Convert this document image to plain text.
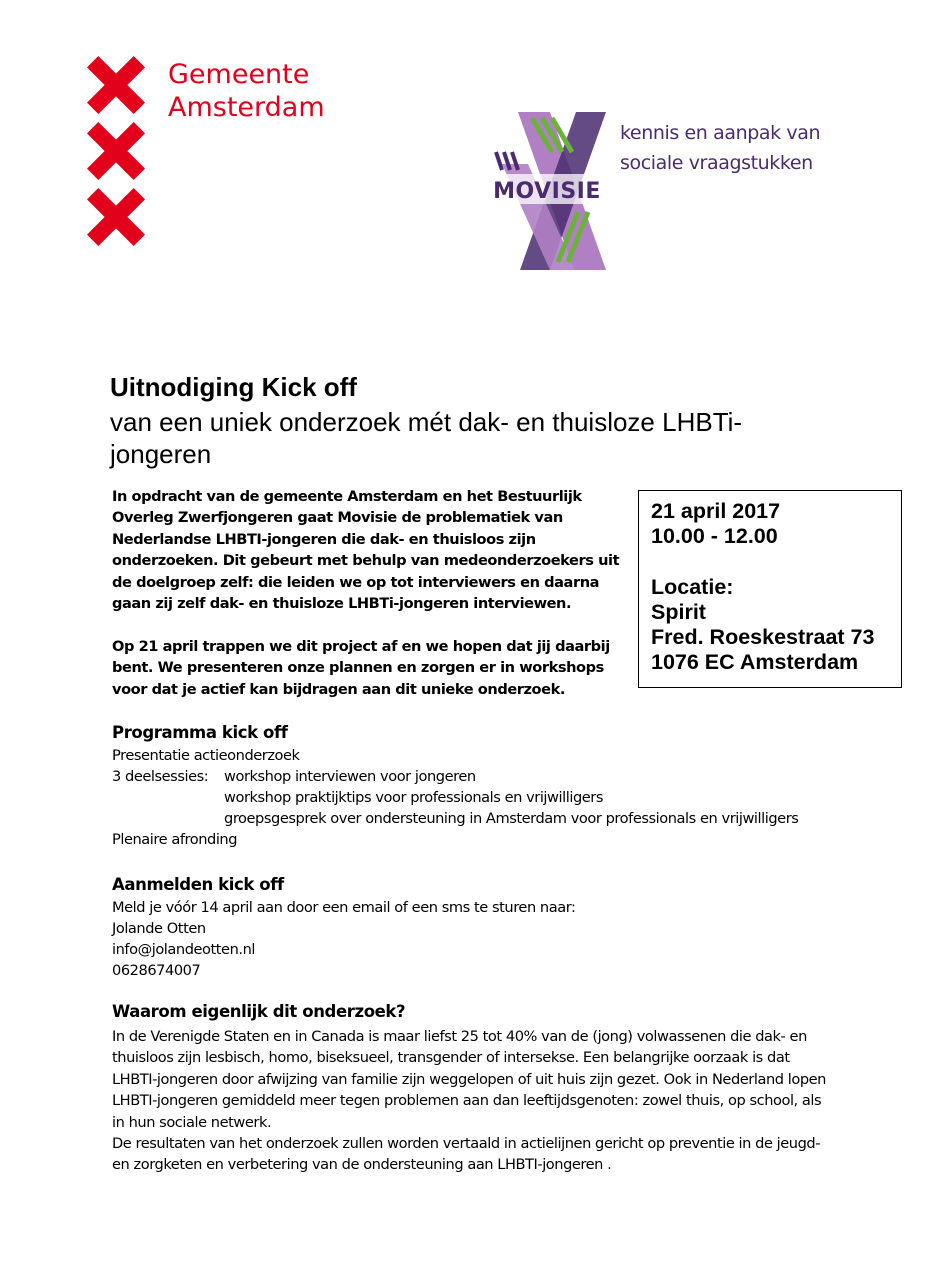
Gemeente
Amsterdam
MOVISIE
kennis en aanpak van
sociale vraagstukken
Uitnodiging Kick off
van een uniek onderzoek mét dak- en thuisloze LHBTi-jongeren
In opdracht van de gemeente Amsterdam en het Bestuurlijk Overleg Zwerfjongeren gaat Movisie de problematiek van Nederlandse LHBTI-jongeren die dak- en thuisloos zijn onderzoeken. Dit gebeurt met behulp van medeonderzoekers uit de doelgroep zelf: die leiden we op tot interviewers en daarna gaan zij zelf dak- en thuisloze LHBTi-jongeren interviewen.
Op 21 april trappen we dit project af en we hopen dat jij daarbij bent. We presenteren onze plannen en zorgen er in workshops voor dat je actief kan bijdragen aan dit unieke onderzoek.
21 april 2017
10.00 - 12.00
Locatie:
Spirit
Fred. Roeskestraat 73
1076 EC Amsterdam
Programma kick off
Presentatie actieonderzoek
3 deelsessies: workshop interviewen voor jongeren
workshop praktijktips voor professionals en vrijwilligers
groepsgesprek over ondersteuning in Amsterdam voor professionals en vrijwilligers
Plenaire afronding
Aanmelden kick off
Meld je vóór 14 april aan door een email of een sms te sturen naar:
Jolande Otten
info@jolandeotten.nl
0628674007
Waarom eigenlijk dit onderzoek?
In de Verenigde Staten en in Canada is maar liefst 25 tot 40% van de (jong) volwassenen die dak- en thuisloos zijn lesbisch, homo, biseksueel, transgender of intersekse. Een belangrijke oorzaak is dat LHBTI-jongeren door afwijzing van familie zijn weggelopen of uit huis zijn gezet. Ook in Nederland lopen LHBTI-jongeren gemiddeld meer tegen problemen aan dan leeftijdsgenoten: zowel thuis, op school, als in hun sociale netwerk.
De resultaten van het onderzoek zullen worden vertaald in actielijnen gericht op preventie in de jeugd-en zorgketen en verbetering van de ondersteuning aan LHBTI-jongeren .
